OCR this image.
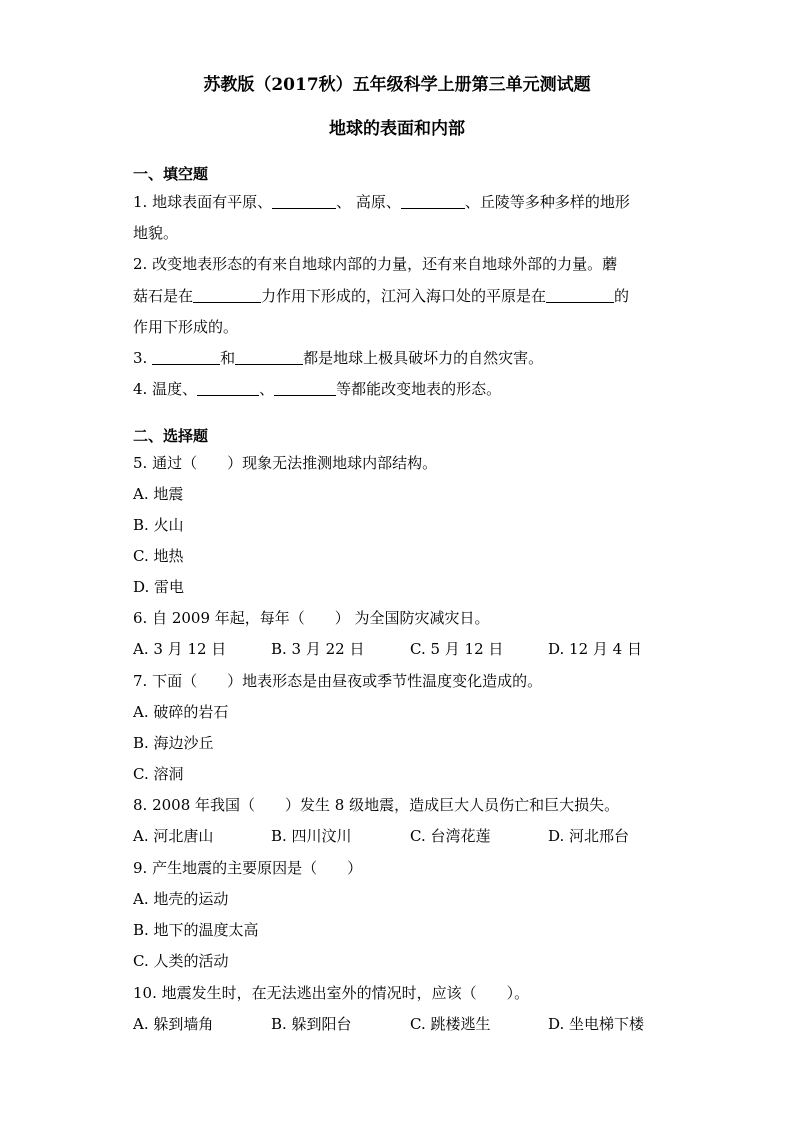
苏教版（2017秋）五年级科学上册第三单元测试题
地球的表面和内部
一、填空题
1. 地球表面有平原、	、 高原、	、丘陵等多种多样的地形
地貌。
2. 改变地表形态的有来自地球内部的力量，还有来自地球外部的力量。蘑
菇石是在	力作用下形成的，江河入海口处的平原是在	的
作用下形成的。
3.	和	都是地球上极具破坏力的自然灾害。
4. 温度、	、	等都能改变地表的形态。
二、选择题
5. 通过（　　）现象无法推测地球内部结构。
A. 地震
B. 火山
C. 地热
D. 雷电
6. 自 2009 年起，每年（　　） 为全国防灾减灾日。
A. 3 月 12 日	B. 3 月 22 日	C. 5 月 12 日	D. 12 月 4 日
7. 下面（　　）地表形态是由昼夜或季节性温度变化造成的。
A. 破碎的岩石
B. 海边沙丘
C. 溶洞
8. 2008 年我国（　　）发生 8 级地震，造成巨大人员伤亡和巨大损失。
A. 河北唐山	B. 四川汶川	C. 台湾花莲	D. 河北邢台
9. 产生地震的主要原因是（　　）
A. 地壳的运动
B. 地下的温度太高
C. 人类的活动
10. 地震发生时，在无法逃出室外的情况时，应该（　　）。
A. 躲到墙角	B. 躲到阳台	C. 跳楼逃生	D. 坐电梯下楼
